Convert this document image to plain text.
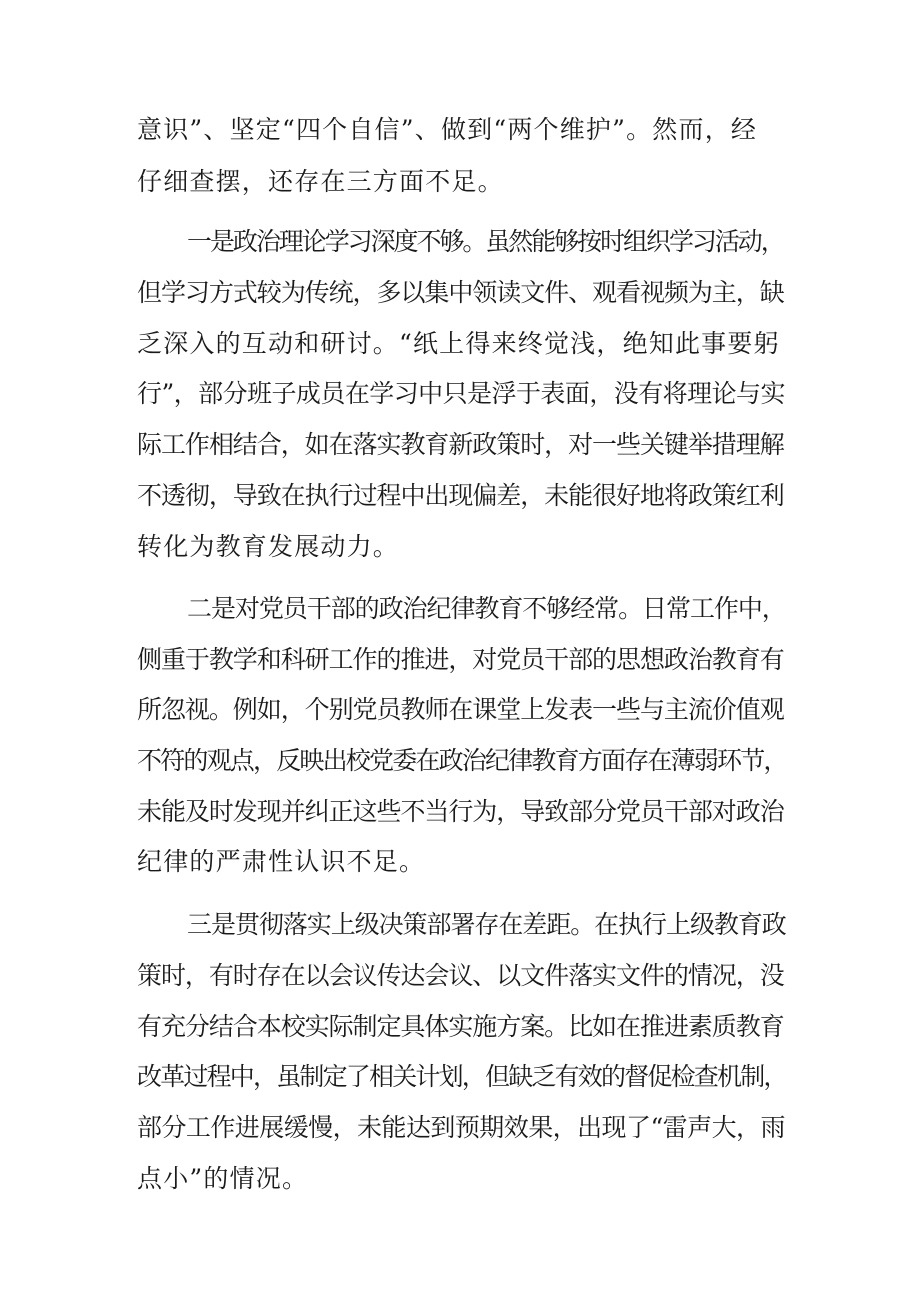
意识”、坚定“四个自信”、做到“两个维护”。然而，经
仔细查摆，还存在三方面不足。
一是政治理论学习深度不够。虽然能够按时组织学习活动，
但学习方式较为传统，多以集中领读文件、观看视频为主，缺
乏深入的互动和研讨。“纸上得来终觉浅，绝知此事要躬
行”，部分班子成员在学习中只是浮于表面，没有将理论与实
际工作相结合，如在落实教育新政策时，对一些关键举措理解
不透彻，导致在执行过程中出现偏差，未能很好地将政策红利
转化为教育发展动力。
二是对党员干部的政治纪律教育不够经常。日常工作中，
侧重于教学和科研工作的推进，对党员干部的思想政治教育有
所忽视。例如，个别党员教师在课堂上发表一些与主流价值观
不符的观点，反映出校党委在政治纪律教育方面存在薄弱环节，
未能及时发现并纠正这些不当行为，导致部分党员干部对政治
纪律的严肃性认识不足。
三是贯彻落实上级决策部署存在差距。在执行上级教育政
策时，有时存在以会议传达会议、以文件落实文件的情况，没
有充分结合本校实际制定具体实施方案。比如在推进素质教育
改革过程中，虽制定了相关计划，但缺乏有效的督促检查机制，
部分工作进展缓慢，未能达到预期效果，出现了“雷声大，雨
点小”的情况。
